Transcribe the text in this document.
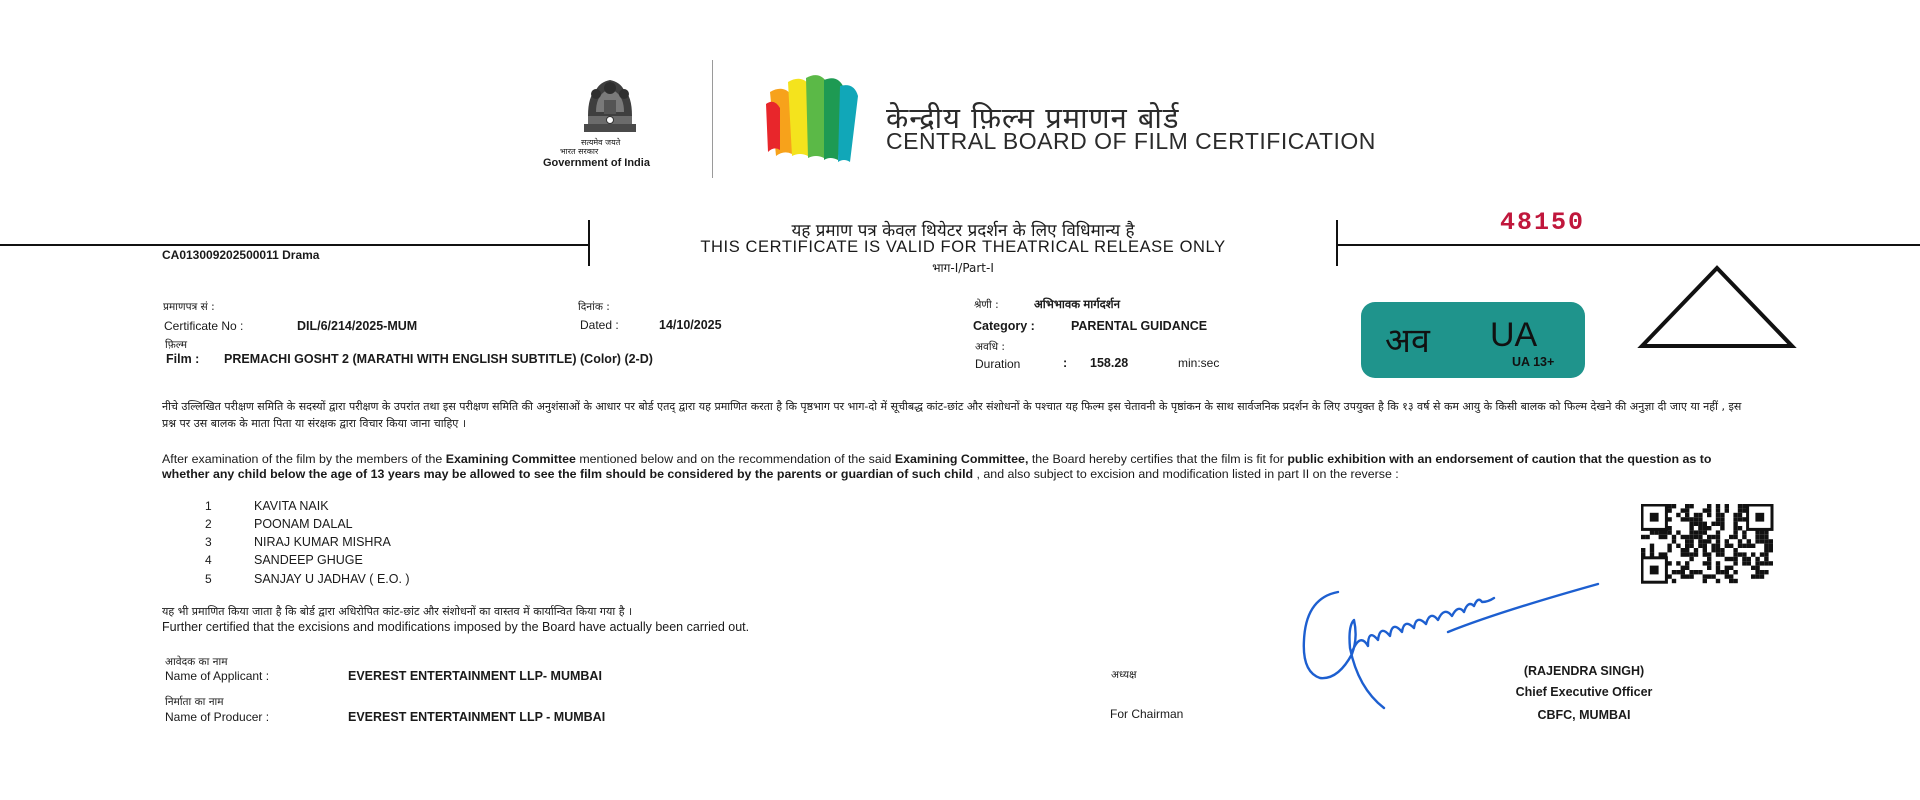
सत्यमेव जयते
भारत सरकार
Government of India
केन्द्रीय फ़िल्म प्रमाणन बोर्ड
CENTRAL BOARD OF FILM CERTIFICATION
यह प्रमाण पत्र केवल थियेटर प्रदर्शन के लिए विधिमान्य है
THIS CERTIFICATE IS VALID FOR THEATRICAL RELEASE ONLY
भाग-I/Part-I
48150
CA013009202500011 Drama
प्रमाणपत्र सं :
Certificate No :	DIL/6/214/2025-MUM
दिनांक :
Dated :	14/10/2025
श्रेणी :	अभिभावक मार्गदर्शन
Category :	PARENTAL GUIDANCE
फ़िल्म
Film : PREMACHI GOSHT 2 (MARATHI WITH ENGLISH SUBTITLE) (Color) (2-D)
अवधि :
Duration	: 158.28	min:sec
अव UA
UA 13+
नीचे उल्लिखित परीक्षण समिति के सदस्यों द्वारा परीक्षण के उपरांत तथा इस परीक्षण समिति की अनुशंसाओं के आधार पर बोर्ड एतद् द्वारा यह प्रमाणित करता है कि पृष्ठभाग पर भाग-दो में सूचीबद्ध कांट-छांट और संशोधनों के पश्चात यह फिल्म इस चेतावनी के पृष्ठांकन के साथ सार्वजनिक प्रदर्शन के लिए उपयुक्त है कि १३ वर्ष से कम आयु के किसी बालक को फिल्म देखने की अनुज्ञा दी जाए या नहीं , इस प्रश्न पर उस बालक के माता पिता या संरक्षक द्वारा विचार किया जाना चाहिए ।
After examination of the film by the members of the Examining Committee mentioned below and on the recommendation of the said Examining Committee, the Board hereby certifies that the film is fit for public exhibition with an endorsement of caution that the question as to whether any child below the age of 13 years may be allowed to see the film should be considered by the parents or guardian of such child , and also subject to excision and modification listed in part II on the reverse :
1	KAVITA NAIK
2	POONAM DALAL
3	NIRAJ KUMAR MISHRA
4	SANDEEP GHUGE
5	SANJAY U JADHAV ( E.O. )
यह भी प्रमाणित किया जाता है कि बोर्ड द्वारा अधिरोपित कांट-छांट और संशोधनों का वास्तव में कार्यान्वित किया गया है ।
Further certified that the excisions and modifications imposed by the Board have actually been carried out.
आवेदक का नाम
Name of Applicant :	EVEREST ENTERTAINMENT LLP- MUMBAI
निर्माता का नाम
Name of Producer :	EVEREST ENTERTAINMENT LLP - MUMBAI
अध्यक्ष
For Chairman
(RAJENDRA SINGH)
Chief Executive Officer
CBFC, MUMBAI
